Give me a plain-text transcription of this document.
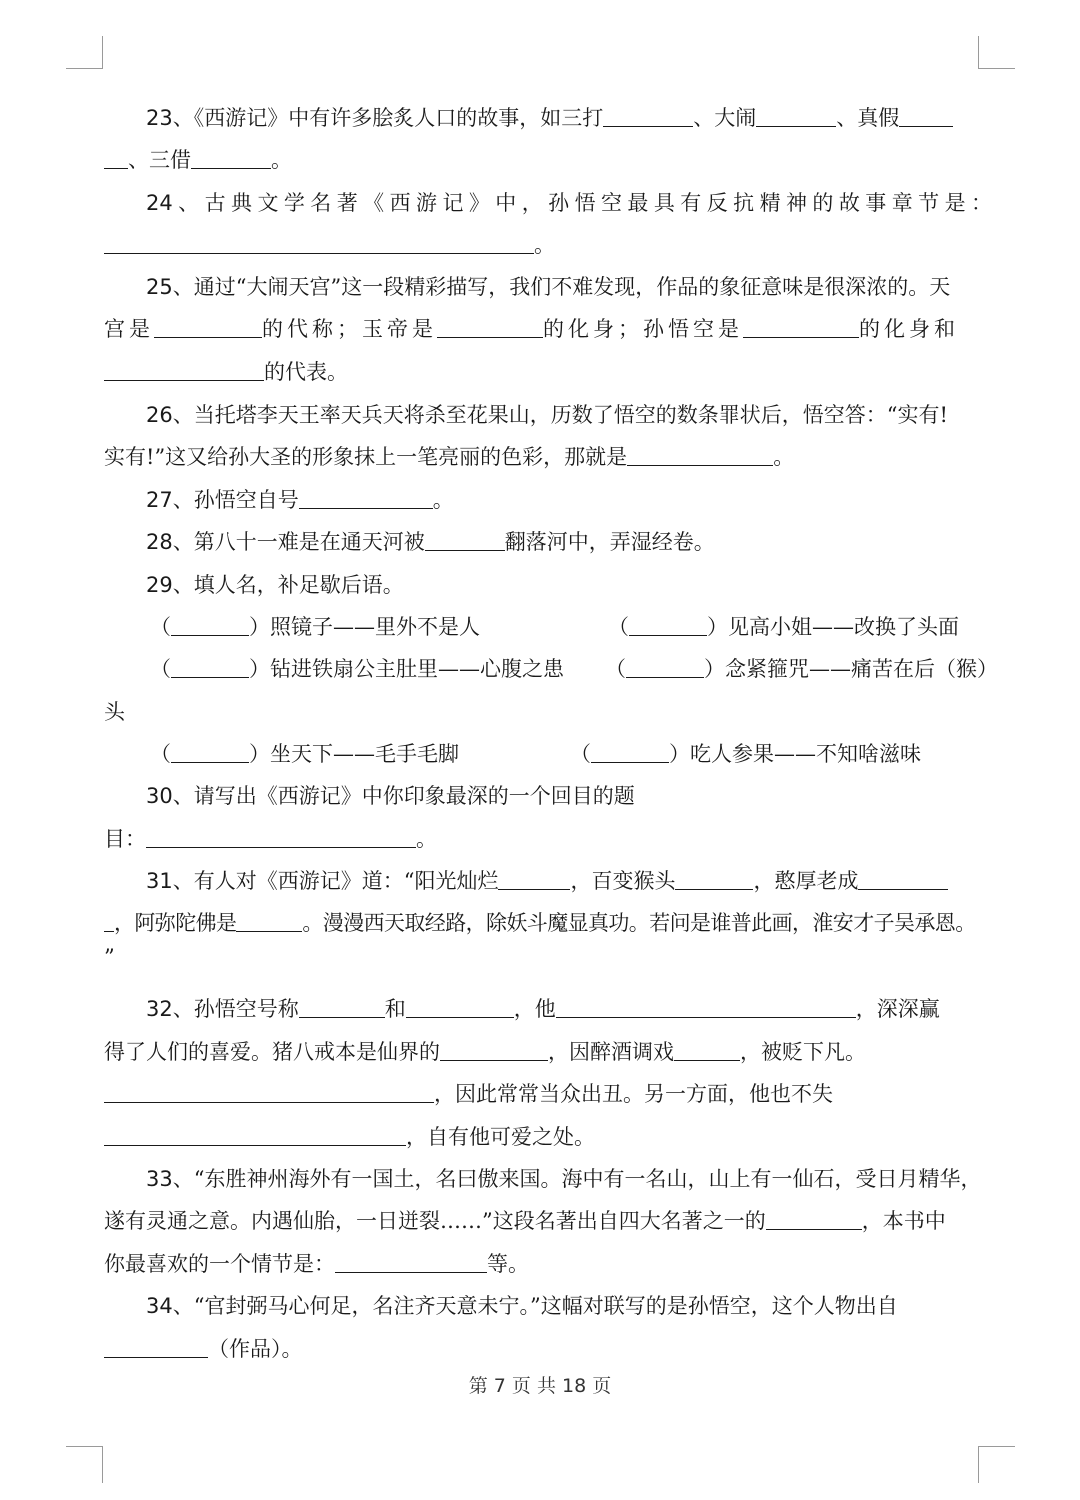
23、《西游记》中有许多脍炙人口的故事，如三打	、大闹	、真假
、三借	。
24、古典文学名著《西游记》中，孙悟空最具有反抗精神的故事章节是：
。
25、通过“大闹天宫”这一段精彩描写，我们不难发现，作品的象征意味是很深浓的。天
宫是	的代称；玉帝是	的化身；孙悟空是	的化身和
的代表。
26、当托塔李天王率天兵天将杀至花果山，历数了悟空的数条罪状后，悟空答：“实有!
实有!”这又给孙大圣的形象抹上一笔亮丽的色彩，那就是	。
27、孙悟空自号	。
28、第八十一难是在通天河被	翻落河中，弄湿经卷。
29、填人名，补足歇后语。
（	）照镜子——里外不是人	（	）见高小姐——改换了头面
（	）钻进铁扇公主肚里——心腹之患 （	）念紧箍咒——痛苦在后（猴）
头
（	）坐天下——毛手毛脚	（	）吃人参果——不知啥滋味
30、请写出《西游记》中你印象最深的一个回目的题
目：	。
31、有人对《西游记》道：“阳光灿烂	，百变猴头	，憨厚老成
，阿弥陀佛是	。漫漫西天取经路，除妖斗魔显真功。若问是谁普此画，淮安才子吴承恩。
”
32、孙悟空号称	和	，他	，深深赢
得了人们的喜爱。猪八戒本是仙界的	，因醉酒调戏	，被贬下凡。
，因此常常当众出丑。另一方面，他也不失
，自有他可爱之处。
33、“东胜神州海外有一国土，名曰傲来国。海中有一名山，山上有一仙石，受日月精华，
遂有灵通之意。内遇仙胎，一日迸裂……”这段名著出自四大名著之一的	，本书中
你最喜欢的一个情节是：	等。
34、“官封弼马心何足，名注齐天意未宁。”这幅对联写的是孙悟空，这个人物出自
（作品）。
第 7 页 共 18 页
